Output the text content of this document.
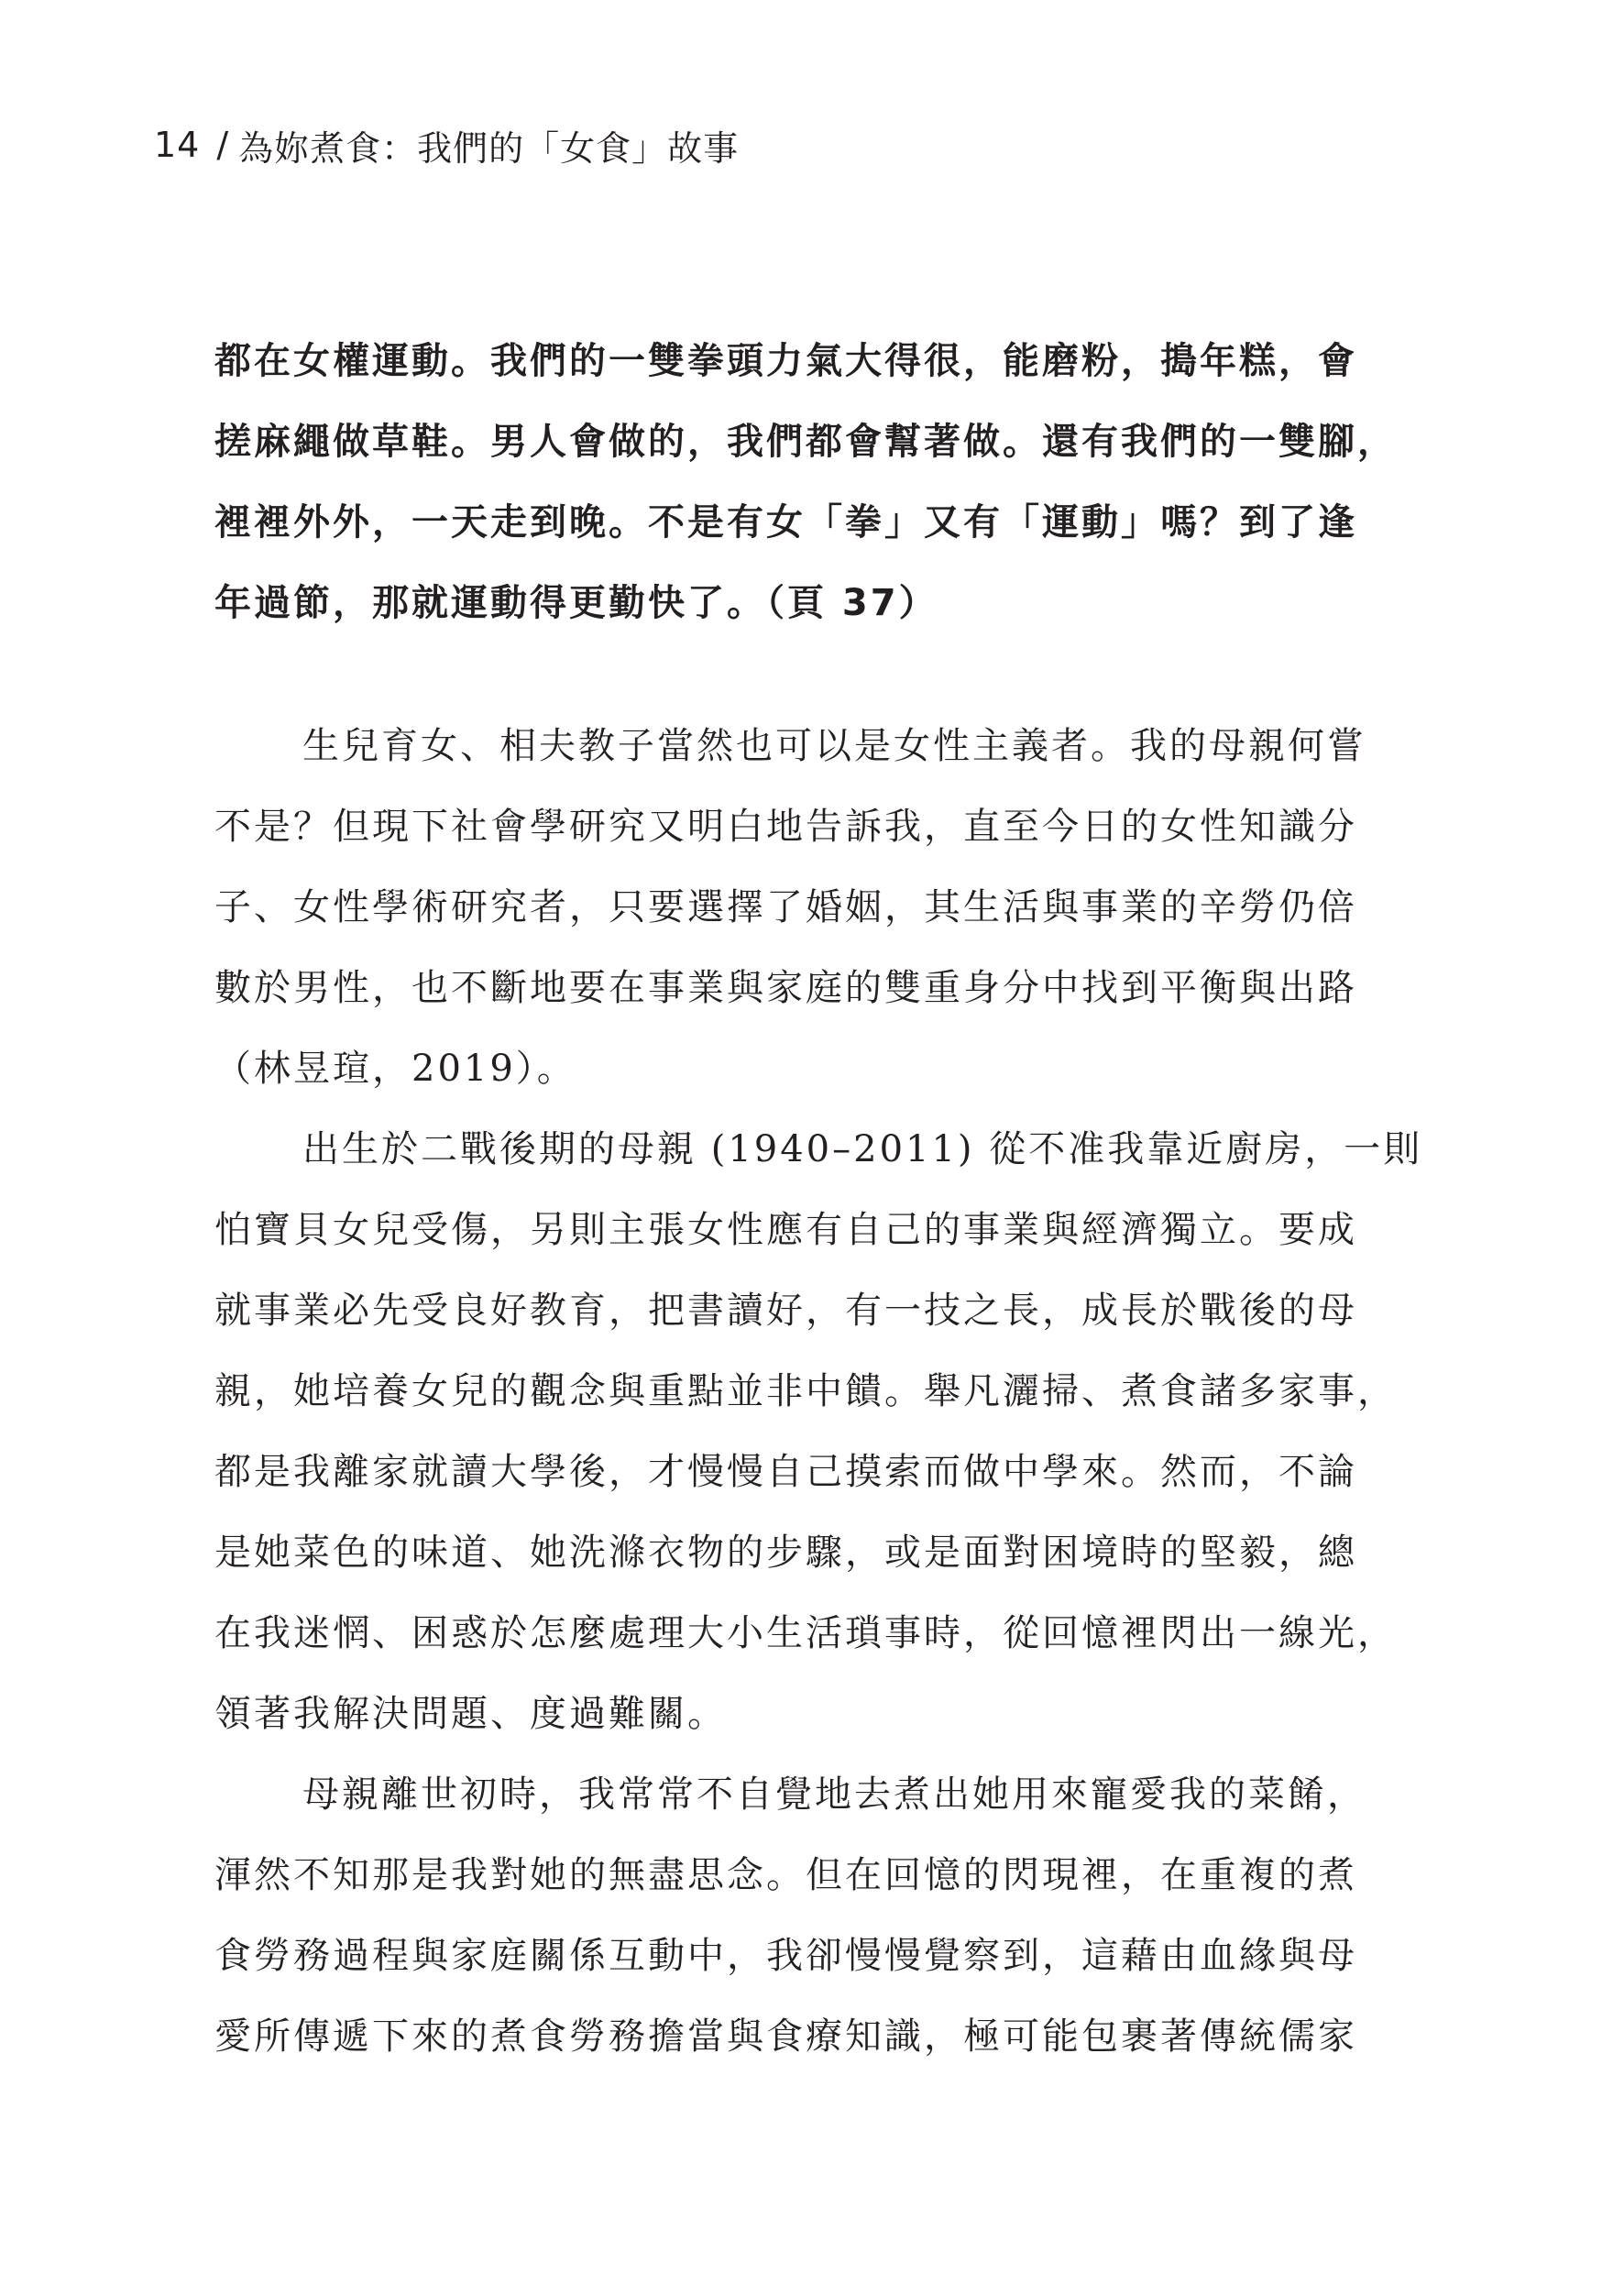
14 / 為妳煮食：我們的「女食」故事
都在女權運動。我們的一雙拳頭力氣大得很，能磨粉，搗年糕，會
搓麻繩做草鞋。男人會做的，我們都會幫著做。還有我們的一雙腳，
裡裡外外，一天走到晚。不是有女「拳」又有「運動」嗎？到了逢
年過節，那就運動得更勤快了。（頁 37）
生兒育女、相夫教子當然也可以是女性主義者。我的母親何嘗
不是？但現下社會學研究又明白地告訴我，直至今日的女性知識分
子、女性學術研究者，只要選擇了婚姻，其生活與事業的辛勞仍倍
數於男性，也不斷地要在事業與家庭的雙重身分中找到平衡與出路
（林昱瑄，2019）。
出生於二戰後期的母親 (1940–2011) 從不准我靠近廚房，一則
怕寶貝女兒受傷，另則主張女性應有自己的事業與經濟獨立。要成
就事業必先受良好教育，把書讀好，有一技之長，成長於戰後的母
親，她培養女兒的觀念與重點並非中饋。舉凡灑掃、煮食諸多家事，
都是我離家就讀大學後，才慢慢自己摸索而做中學來。然而，不論
是她菜色的味道、她洗滌衣物的步驟，或是面對困境時的堅毅，總
在我迷惘、困惑於怎麼處理大小生活瑣事時，從回憶裡閃出一線光，
領著我解決問題、度過難關。
母親離世初時，我常常不自覺地去煮出她用來寵愛我的菜餚，
渾然不知那是我對她的無盡思念。但在回憶的閃現裡，在重複的煮
食勞務過程與家庭關係互動中，我卻慢慢覺察到，這藉由血緣與母
愛所傳遞下來的煮食勞務擔當與食療知識，極可能包裹著傳統儒家
